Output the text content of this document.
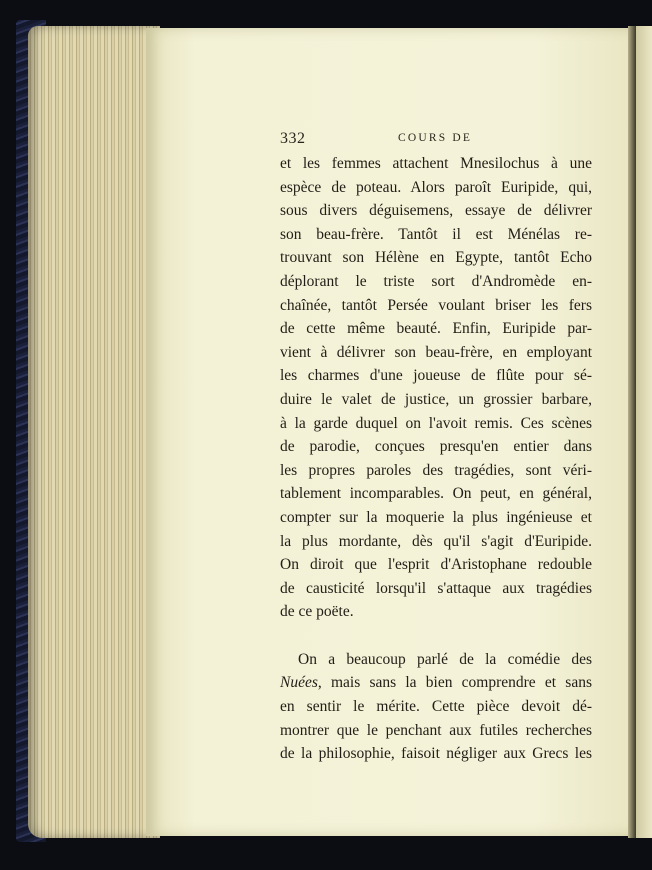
332	COURS DE
et les femmes attachent Mnesilochus à une
espèce de poteau. Alors paroît Euripide, qui,
sous divers déguisemens, essaye de délivrer
son beau-frère. Tantôt il est Ménélas re-
trouvant son Hélène en Egypte, tantôt Echo
déplorant le triste sort d'Andromède en-
chaînée, tantôt Persée voulant briser les fers
de cette même beauté. Enfin, Euripide par-
vient à délivrer son beau-frère, en employant
les charmes d'une joueuse de flûte pour sé-
duire le valet de justice, un grossier barbare,
à la garde duquel on l'avoit remis. Ces scènes
de parodie, conçues presqu'en entier dans
les propres paroles des tragédies, sont véri-
tablement incomparables. On peut, en général,
compter sur la moquerie la plus ingénieuse et
la plus mordante, dès qu'il s'agit d'Euripide.
On diroit que l'esprit d'Aristophane redouble
de causticité lorsqu'il s'attaque aux tragédies
de ce poëte.
On a beaucoup parlé de la comédie des
Nuées, mais sans la bien comprendre et sans
en sentir le mérite. Cette pièce devoit dé-
montrer que le penchant aux futiles recherches
de la philosophie, faisoit négliger aux Grecs les
